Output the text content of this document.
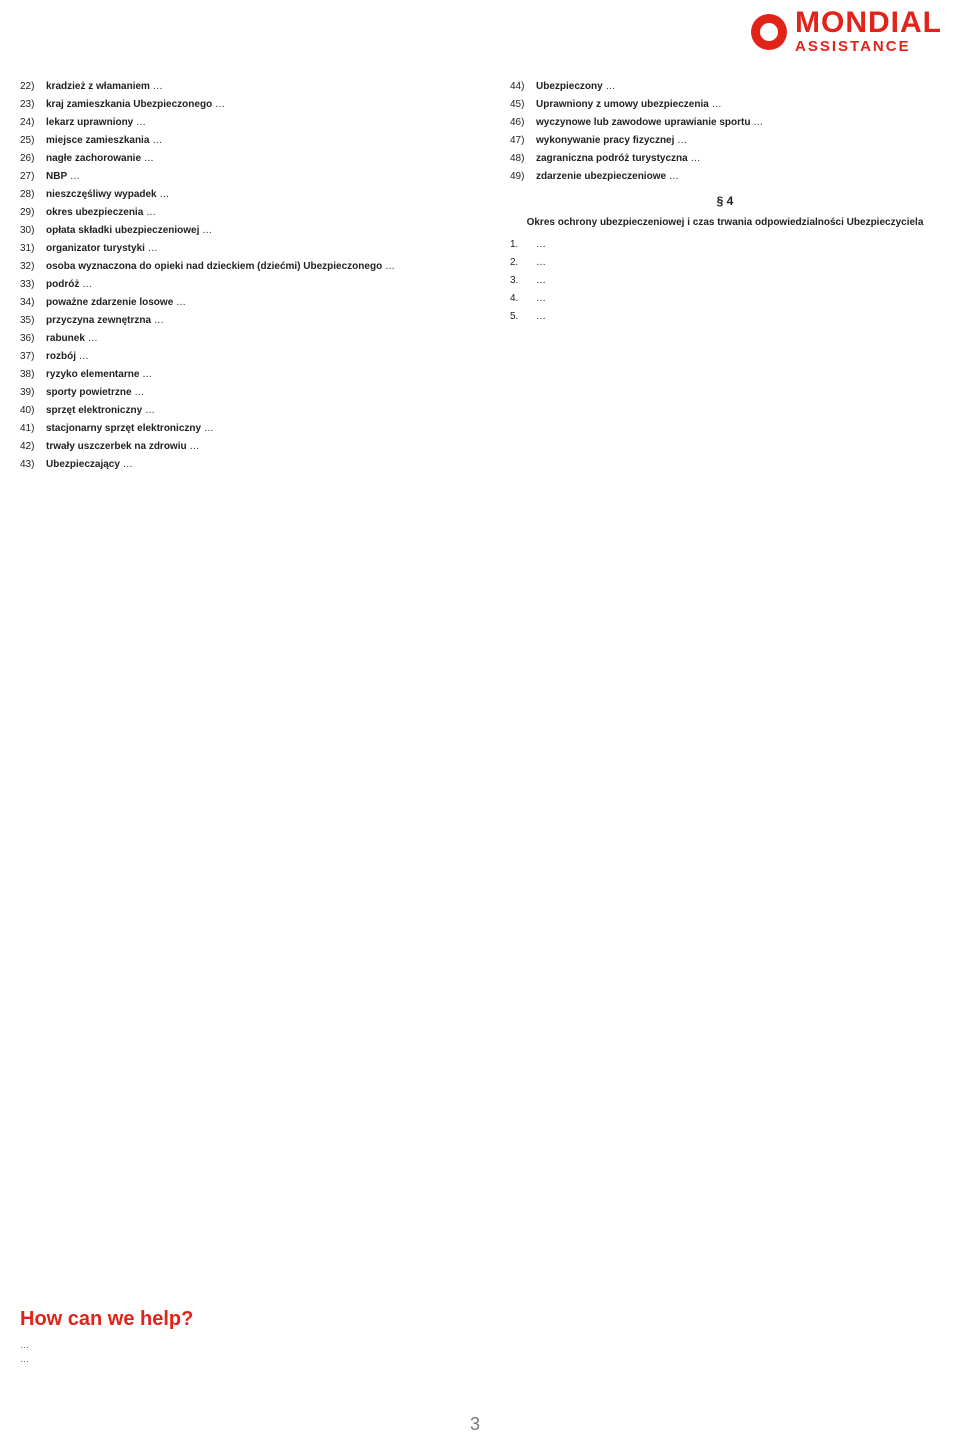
MONDIAL
ASSISTANCE
22)	kradzież z włamaniem …
23)	kraj zamieszkania Ubezpieczonego …
24)	lekarz uprawniony …
25)	miejsce zamieszkania …
26)	nagłe zachorowanie …
27)	NBP …
28)	nieszczęśliwy wypadek …
29)	okres ubezpieczenia …
30)	opłata składki ubezpieczeniowej …
31)	organizator turystyki …
32)	osoba wyznaczona do opieki nad dzieckiem (dziećmi) Ubezpieczonego …
33)	podróż …
34)	poważne zdarzenie losowe …
35)	przyczyna zewnętrzna …
36)	rabunek …
37)	rozbój …
38)	ryzyko elementarne …
39)	sporty powietrzne …
40)	sprzęt elektroniczny …
41)	stacjonarny sprzęt elektroniczny …
42)	trwały uszczerbek na zdrowiu …
43)	Ubezpieczający …
44)	Ubezpieczony …
45)	Uprawniony z umowy ubezpieczenia …
46)	wyczynowe lub zawodowe uprawianie sportu …
47)	wykonywanie pracy fizycznej …
48)	zagraniczna podróż turystyczna …
49)	zdarzenie ubezpieczeniowe …
§ 4
Okres ochrony ubezpieczeniowej i czas trwania odpowiedzialności Ubezpieczyciela
1.	…
2.	…
3.	…
4.	…
5.	…
How can we help?
…
…
3
